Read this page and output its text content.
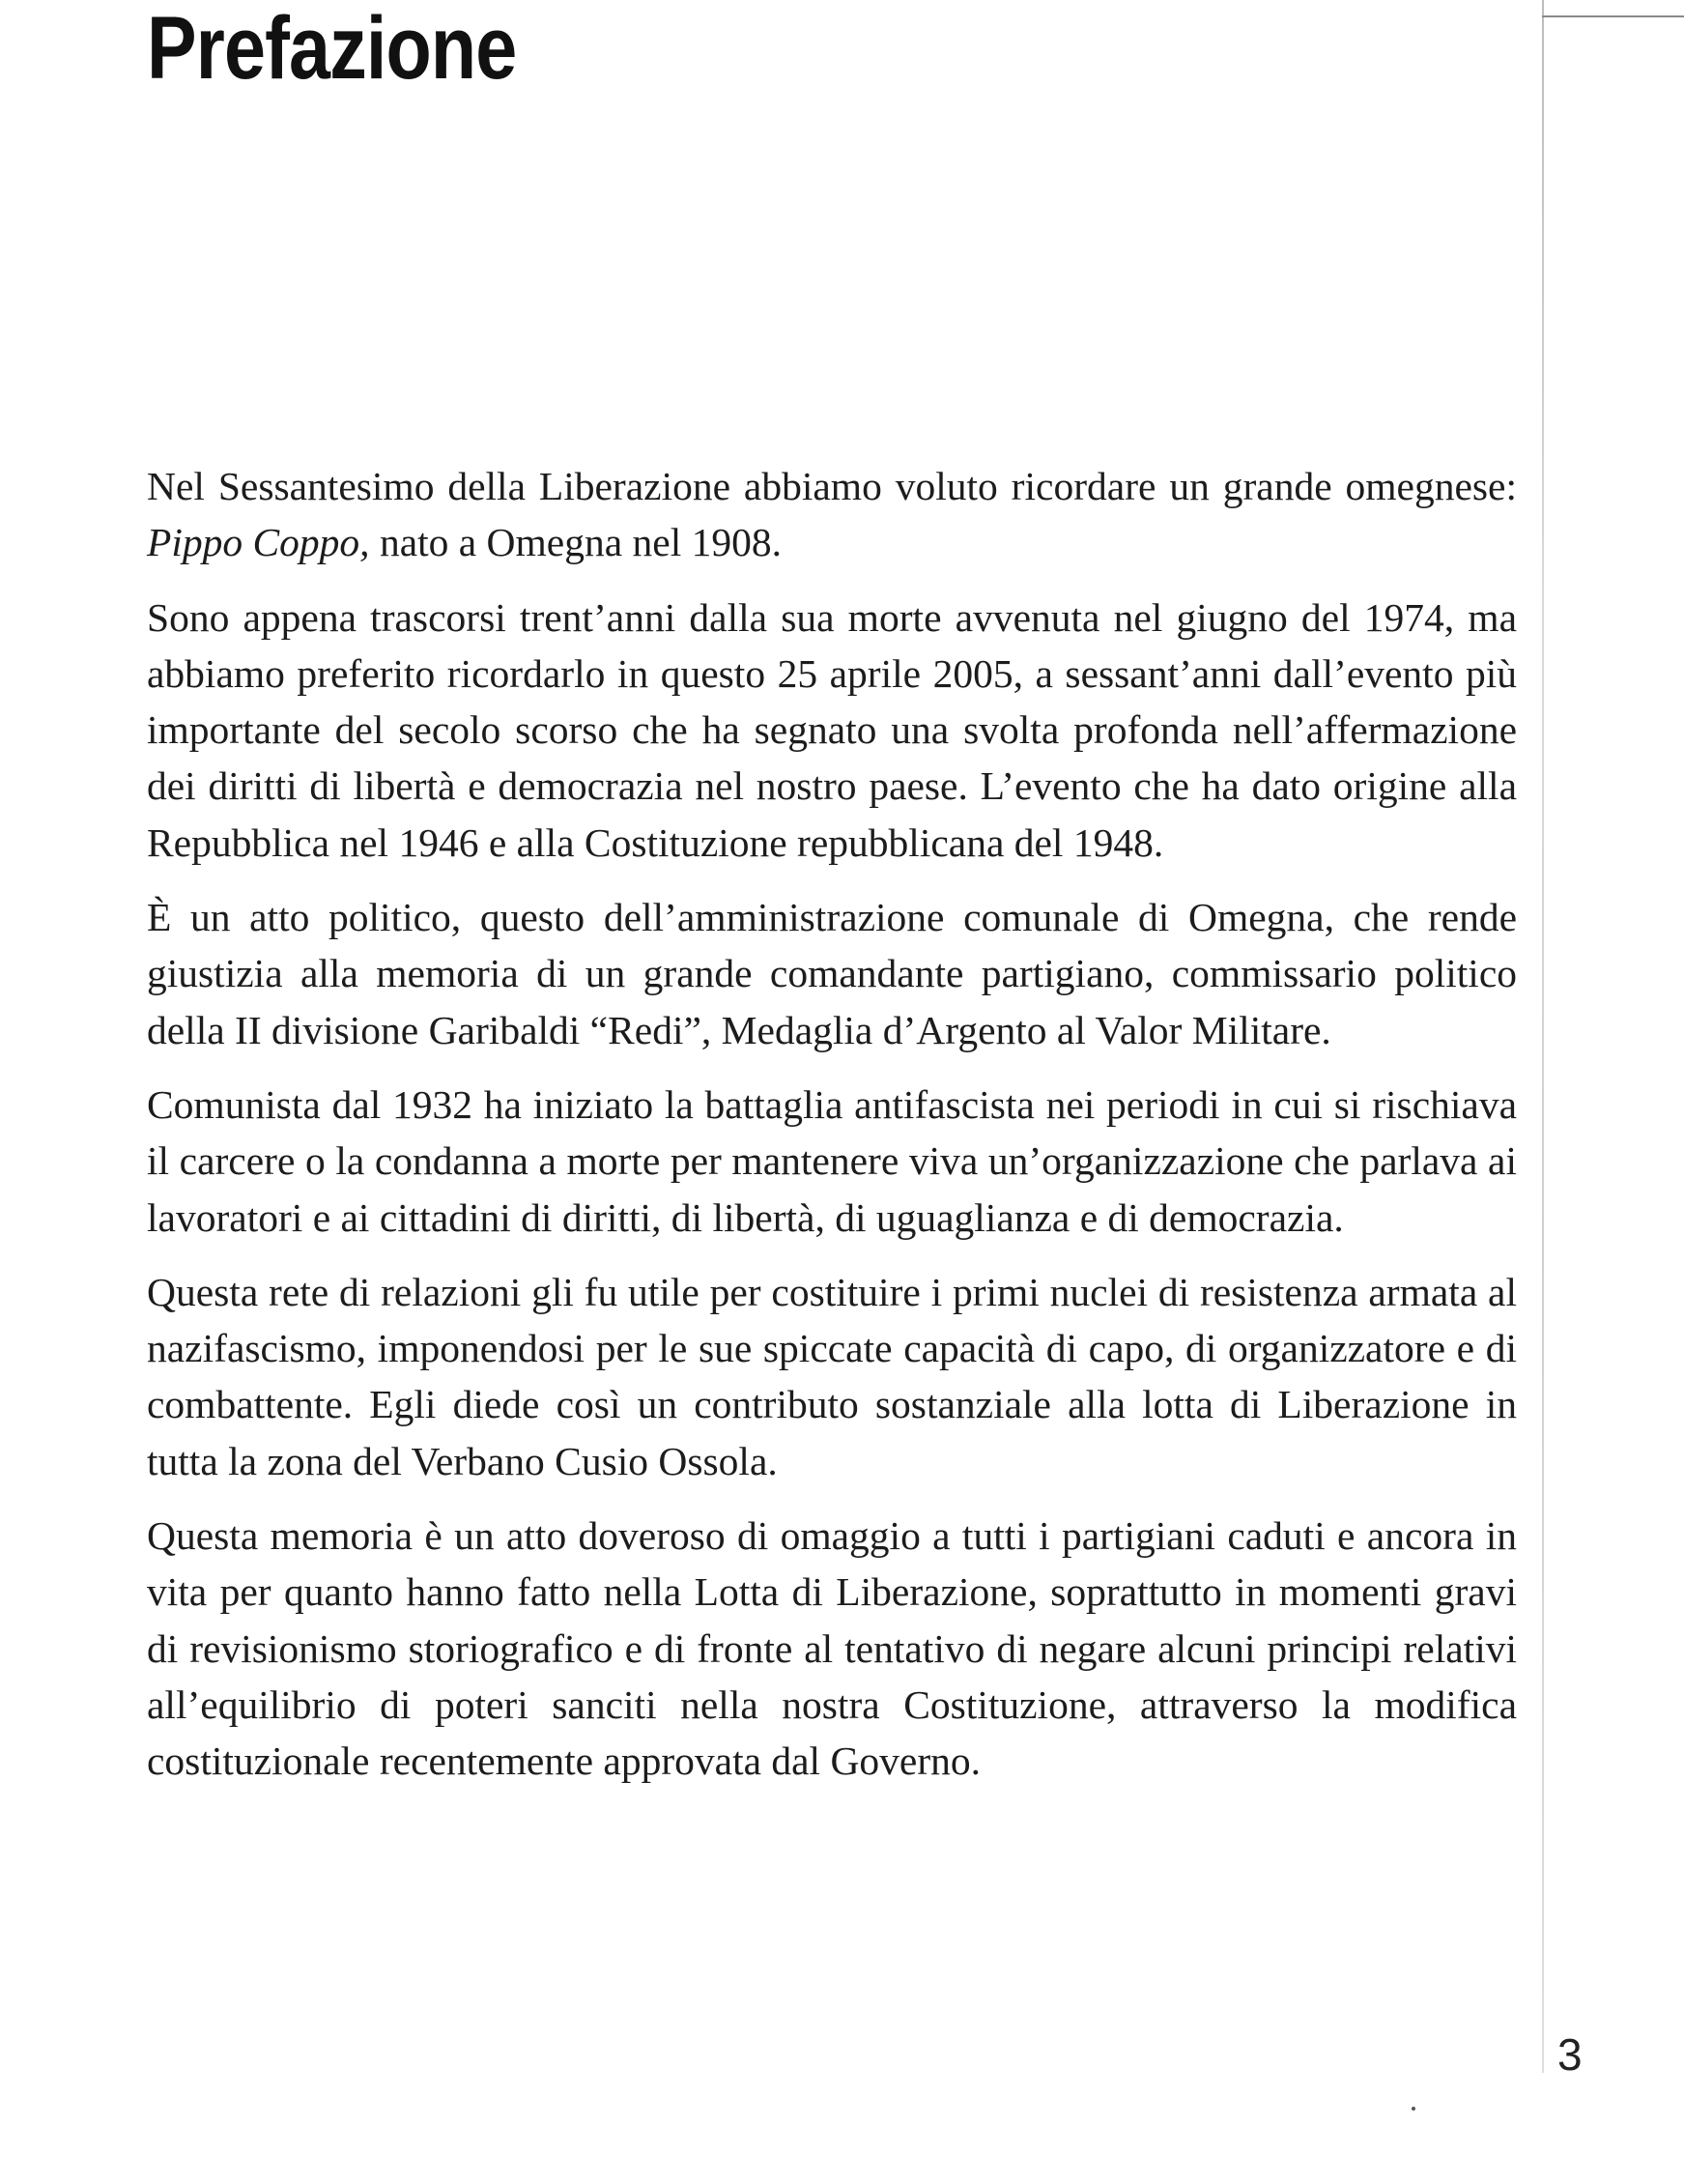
Prefazione

Nel Sessantesimo della Liberazione abbiamo voluto ricordare un grande omegnese: Pippo Coppo, nato a Omegna nel 1908.

Sono appena trascorsi trent’anni dalla sua morte avvenuta nel giugno del 1974, ma abbiamo preferito ricordarlo in questo 25 aprile 2005, a sessant’anni dall’evento più importante del secolo scorso che ha segnato una svolta profonda nell’affermazione dei diritti di libertà e democrazia nel nostro paese. L’evento che ha dato origine alla Repubblica nel 1946 e alla Costituzione repubblicana del 1948.

È un atto politico, questo dell’amministrazione comunale di Omegna, che rende giustizia alla memoria di un grande comandante partigiano, commissario politico della II divisione Garibaldi “Redi”, Medaglia d’Argento al Valor Militare.

Comunista dal 1932 ha iniziato la battaglia antifascista nei periodi in cui si rischiava il carcere o la condanna a morte per mantenere viva un’organizzazione che parlava ai lavoratori e ai cittadini di diritti, di libertà, di uguaglianza e di democrazia.

Questa rete di relazioni gli fu utile per costituire i primi nuclei di resistenza armata al nazifascismo, imponendosi per le sue spiccate capacità di capo, di organizzatore e di combattente. Egli diede così un contributo sostanziale alla lotta di Liberazione in tutta la zona del Verbano Cusio Ossola.

Questa memoria è un atto doveroso di omaggio a tutti i partigiani caduti e ancora in vita per quanto hanno fatto nella Lotta di Liberazione, soprattutto in momenti gravi di revisionismo storiografico e di fronte al tentativo di negare alcuni principi relativi all’equilibrio di poteri sanciti nella nostra Costituzione, attraverso la modifica costituzionale recentemente approvata dal Governo.

3
